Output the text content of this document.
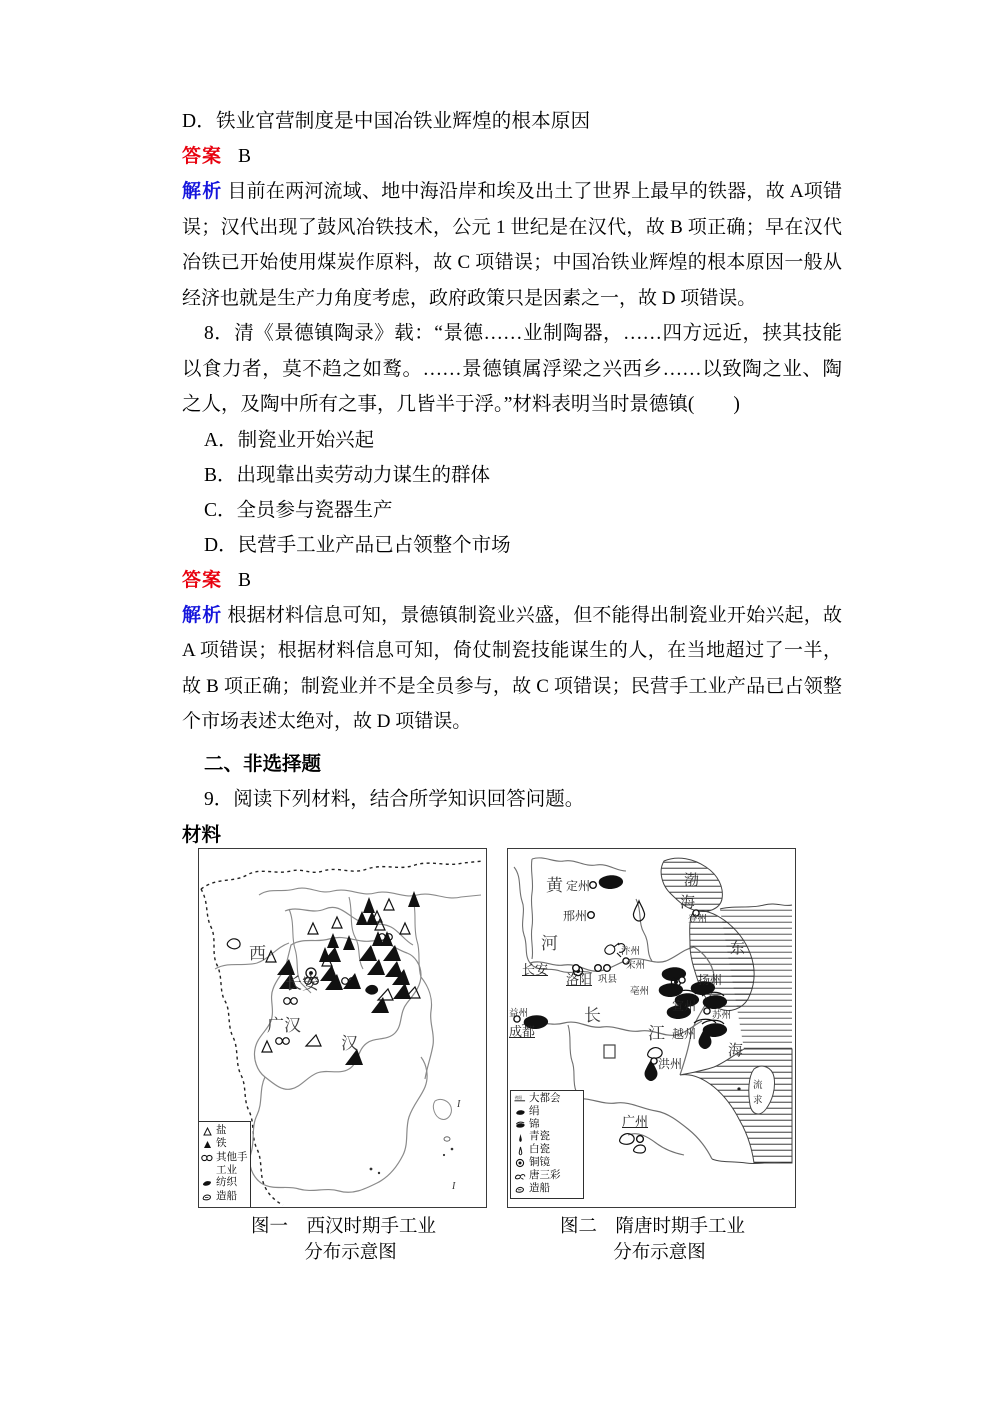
D．铁业官营制度是中国冶铁业辉煌的根本原因
答案 B
解析 目前在两河流域、地中海沿岸和埃及出土了世界上最早的铁器，故 A项错误；汉代出现了鼓风冶铁技术，公元 1 世纪是在汉代，故 B 项正确；早在汉代冶铁已开始使用煤炭作原料，故 C 项错误；中国冶铁业辉煌的根本原因一般从经济也就是生产力角度考虑，政府政策只是因素之一，故 D 项错误。
8．清《景德镇陶录》载：“景德……业制陶器，……四方远近，挟其技能以食力者，莫不趋之如鹜。……景德镇属浮梁之兴西乡……以致陶之业、陶之人，及陶中所有之事，几皆半于浮。”材料表明当时景德镇(　　)
A．制瓷业开始兴起
B．出现靠出卖劳动力谋生的群体
C．全员参与瓷器生产
D．民营手工业产品已占领整个市场
答案 B
解析 根据材料信息可知，景德镇制瓷业兴盛，但不能得出制瓷业开始兴起，故 A 项错误；根据材料信息可知，倚仗制瓷技能谋生的人，在当地超过了一半，故 B 项正确；制瓷业并不是全员参与，故 C 项错误；民营手工业产品已占领整个市场表述太绝对，故 D 项错误。
二、非选择题
9．阅读下列材料，结合所学知识回答问题。
材料
I
I
西
长安
广汉
汉
盐
铁
其他手
工业
纺织
造船
图一　西汉时期手工业
分布示意图
黄
河
定州
邢州
长安
洛阳 巩县
汴州
宋州
亳州
渤
海
登州
东
扬州
宣州
苏州
越州
益州
成都
长
江
洪州
海
流
求
广州
省阳 大都会
绢
锦
青瓷
白瓷
铜镜
唐三彩
造船
图二　隋唐时期手工业
分布示意图
